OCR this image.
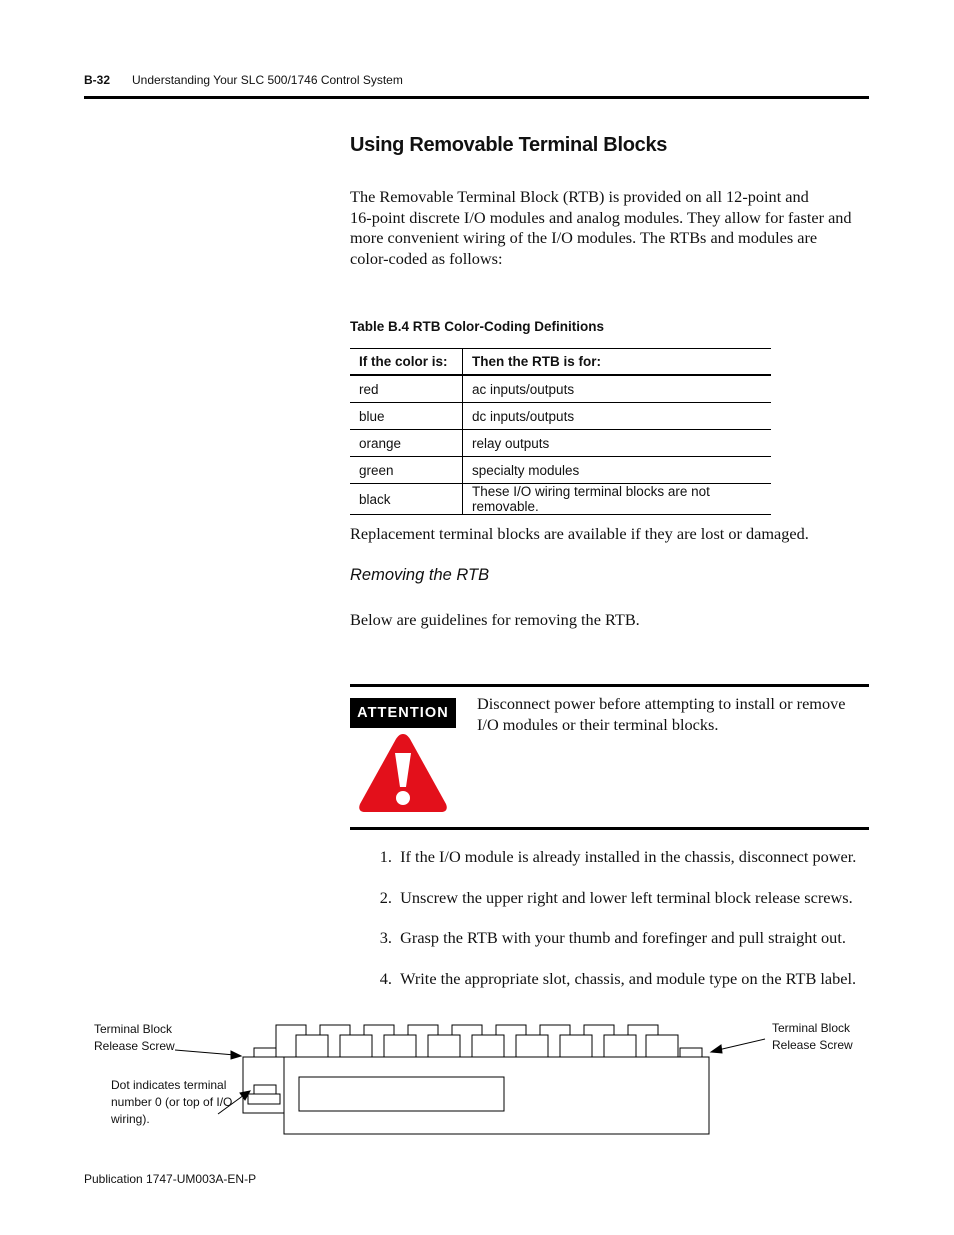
B-32 Understanding Your SLC 500/1746 Control System
Using Removable Terminal Blocks
The Removable Terminal Block (RTB) is provided on all 12-point and
16-point discrete I/O modules and analog modules. They allow for faster and
more convenient wiring of the I/O modules. The RTBs and modules are
color-coded as follows:
Table B.4 RTB Color-Coding Definitions
If the color is:	Then the RTB is for:
red	ac inputs/outputs
blue	dc inputs/outputs
orange	relay outputs
green	specialty modules
black	These I/O wiring terminal blocks are not removable.
Replacement terminal blocks are available if they are lost or damaged.
Removing the RTB
Below are guidelines for removing the RTB.
ATTENTION	Disconnect power before attempting to install or remove
I/O modules or their terminal blocks.
1. If the I/O module is already installed in the chassis, disconnect power.
2. Unscrew the upper right and lower left terminal block release screws.
3. Grasp the RTB with your thumb and forefinger and pull straight out.
4. Write the appropriate slot, chassis, and module type on the RTB label.
Terminal Block
Release Screw
Terminal Block
Release Screw
Dot indicates terminal
number 0 (or top of I/O
wiring).
Publication 1747-UM003A-EN-P
